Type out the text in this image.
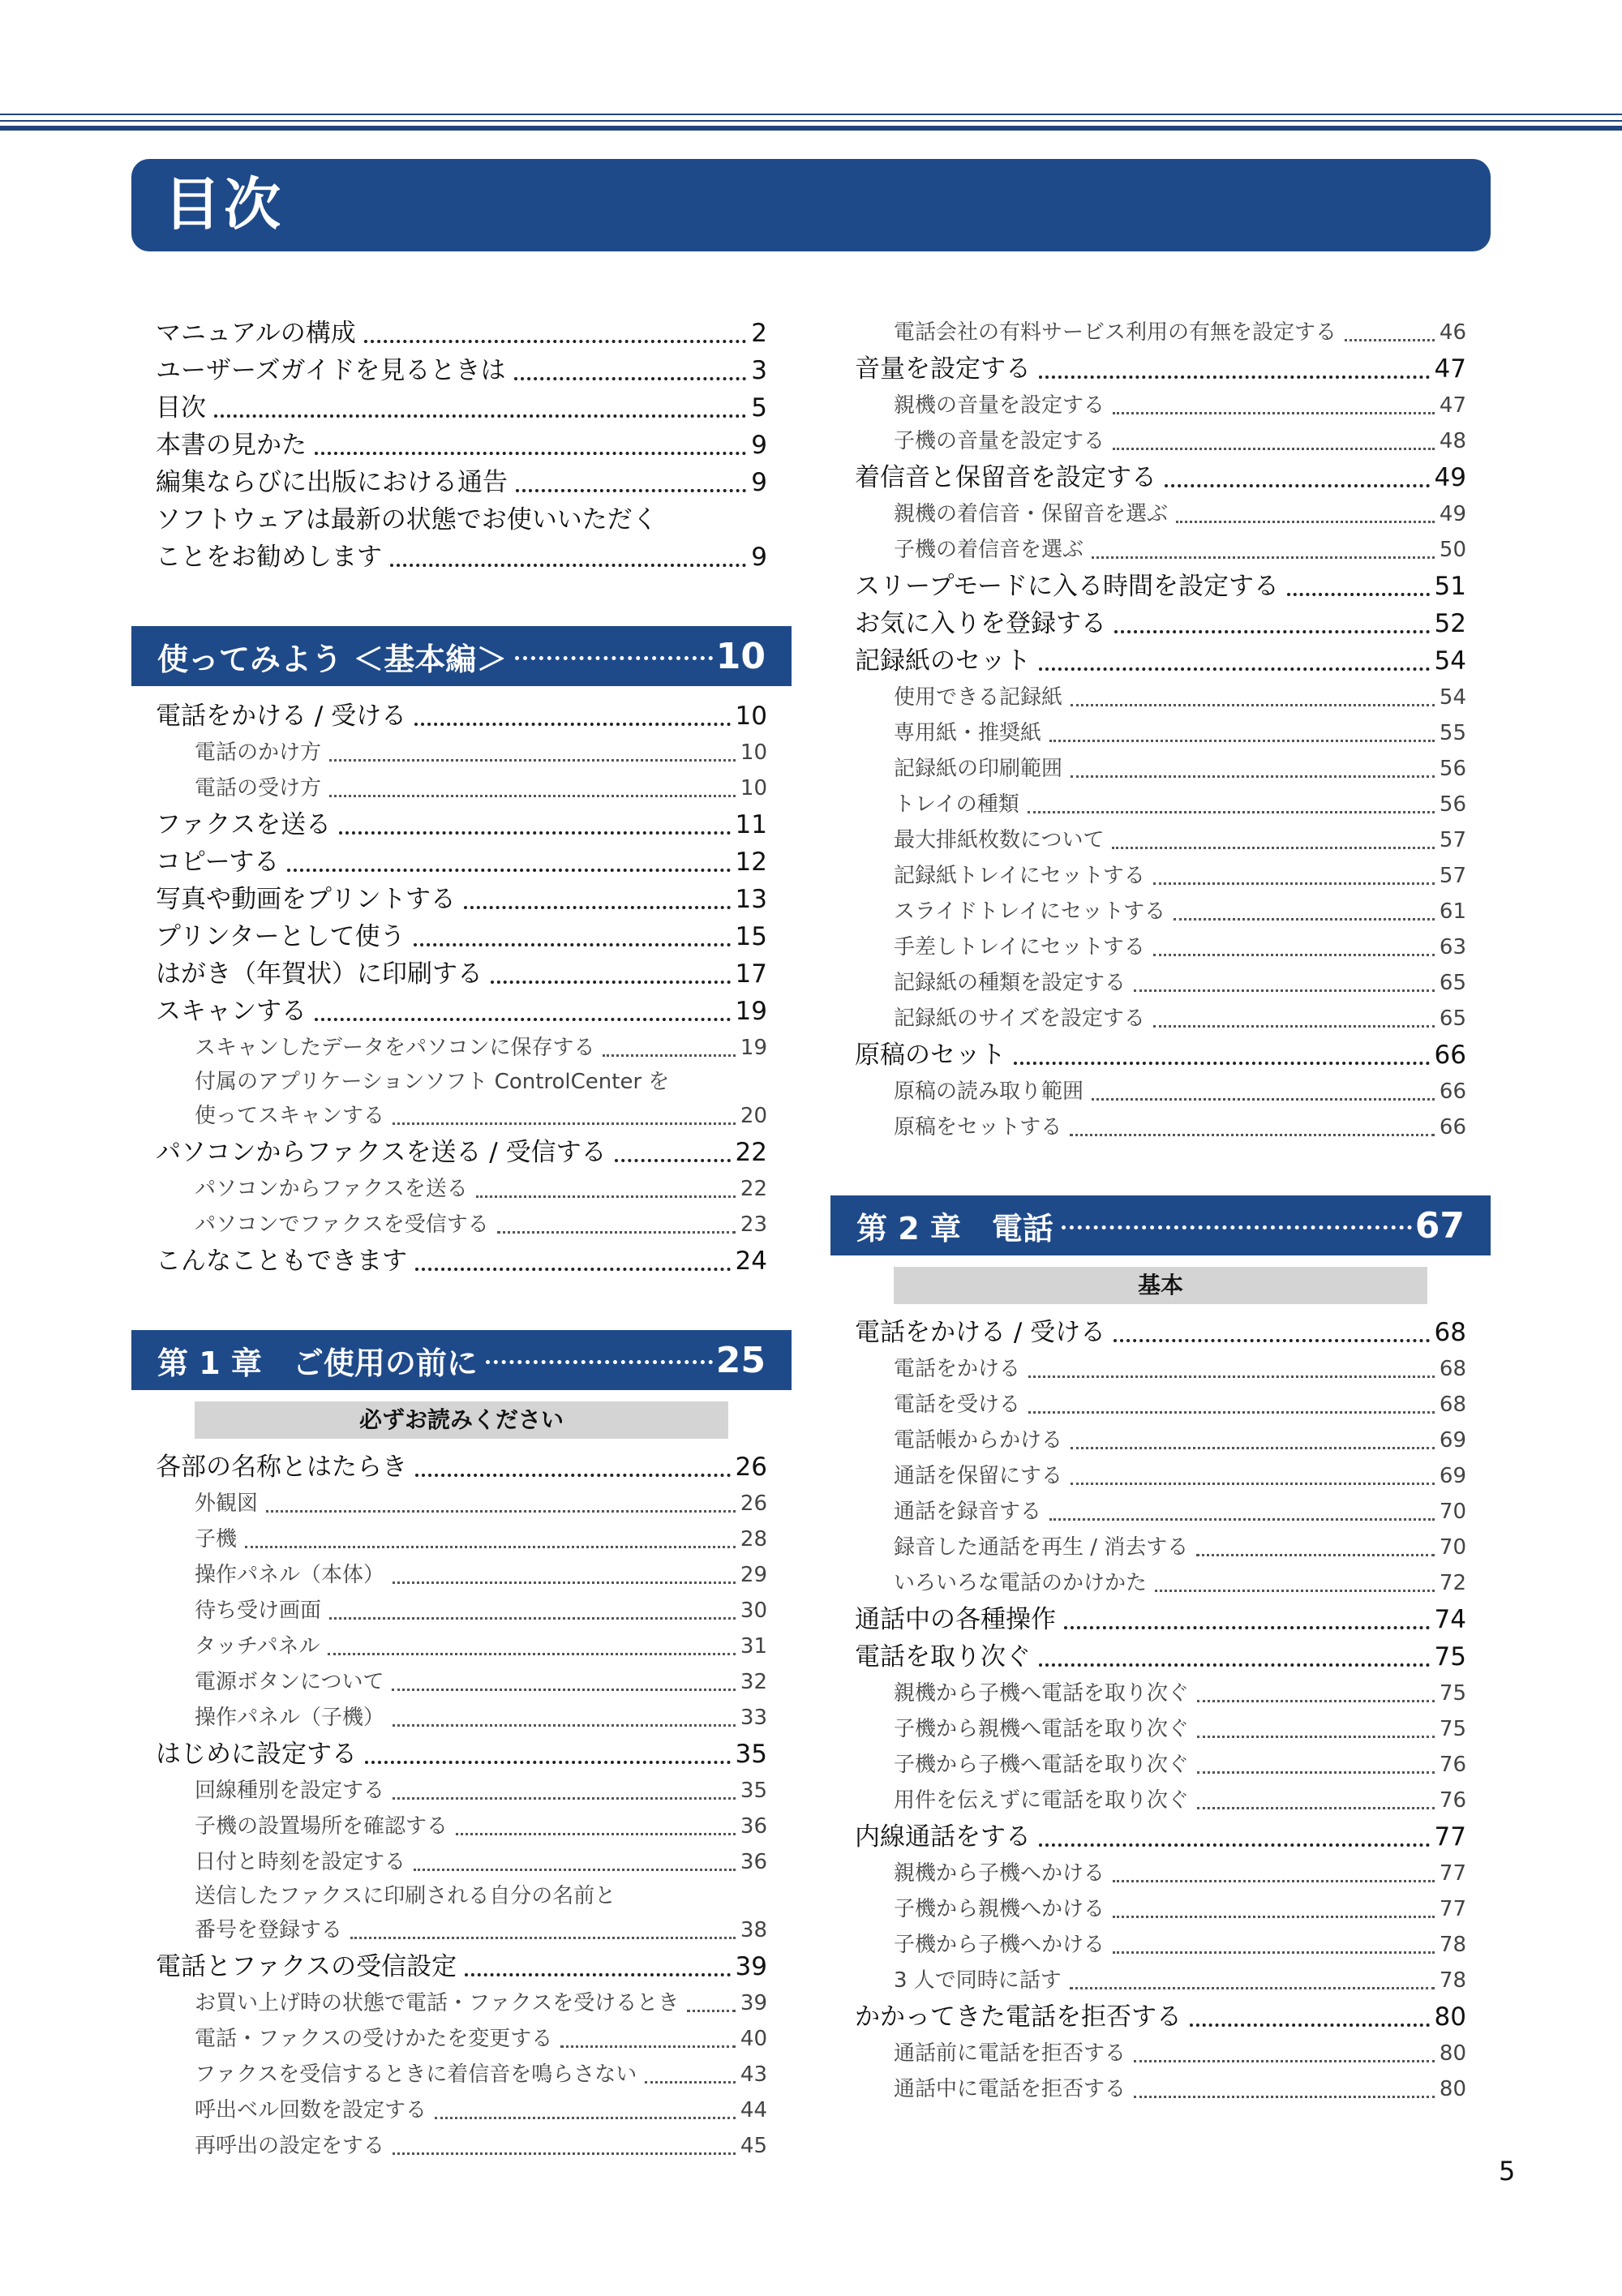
目次
マニュアルの構成	2
ユーザーズガイドを見るときは	3
目次	5
本書の見かた	9
編集ならびに出版における通告	9
ソフトウェアは最新の状態でお使いいただく
ことをお勧めします	9
使ってみよう ＜基本編＞	10
電話をかける / 受ける	10
電話のかけ方	10
電話の受け方	10
ファクスを送る	11
コピーする	12
写真や動画をプリントする	13
プリンターとして使う	15
はがき（年賀状）に印刷する	17
スキャンする	19
スキャンしたデータをパソコンに保存する	19
付属のアプリケーションソフト ControlCenter を
使ってスキャンする	20
パソコンからファクスを送る / 受信する	22
パソコンからファクスを送る	22
パソコンでファクスを受信する	23
こんなこともできます	24
第 1 章　ご使用の前に	25
必ずお読みください
各部の名称とはたらき	26
外観図	26
子機	28
操作パネル（本体）	29
待ち受け画面	30
タッチパネル	31
電源ボタンについて	32
操作パネル（子機）	33
はじめに設定する	35
回線種別を設定する	35
子機の設置場所を確認する	36
日付と時刻を設定する	36
送信したファクスに印刷される自分の名前と
番号を登録する	38
電話とファクスの受信設定	39
お買い上げ時の状態で電話・ファクスを受けるとき	39
電話・ファクスの受けかたを変更する	40
ファクスを受信するときに着信音を鳴らさない	43
呼出ベル回数を設定する	44
再呼出の設定をする	45
電話会社の有料サービス利用の有無を設定する	46
音量を設定する	47
親機の音量を設定する	47
子機の音量を設定する	48
着信音と保留音を設定する	49
親機の着信音・保留音を選ぶ	49
子機の着信音を選ぶ	50
スリープモードに入る時間を設定する	51
お気に入りを登録する	52
記録紙のセット	54
使用できる記録紙	54
専用紙・推奨紙	55
記録紙の印刷範囲	56
トレイの種類	56
最大排紙枚数について	57
記録紙トレイにセットする	57
スライドトレイにセットする	61
手差しトレイにセットする	63
記録紙の種類を設定する	65
記録紙のサイズを設定する	65
原稿のセット	66
原稿の読み取り範囲	66
原稿をセットする	66
第 2 章　電話	67
基本
電話をかける / 受ける	68
電話をかける	68
電話を受ける	68
電話帳からかける	69
通話を保留にする	69
通話を録音する	70
録音した通話を再生 / 消去する	70
いろいろな電話のかけかた	72
通話中の各種操作	74
電話を取り次ぐ	75
親機から子機へ電話を取り次ぐ	75
子機から親機へ電話を取り次ぐ	75
子機から子機へ電話を取り次ぐ	76
用件を伝えずに電話を取り次ぐ	76
内線通話をする	77
親機から子機へかける	77
子機から親機へかける	77
子機から子機へかける	78
3 人で同時に話す	78
かかってきた電話を拒否する	80
通話前に電話を拒否する	80
通話中に電話を拒否する	80
5
